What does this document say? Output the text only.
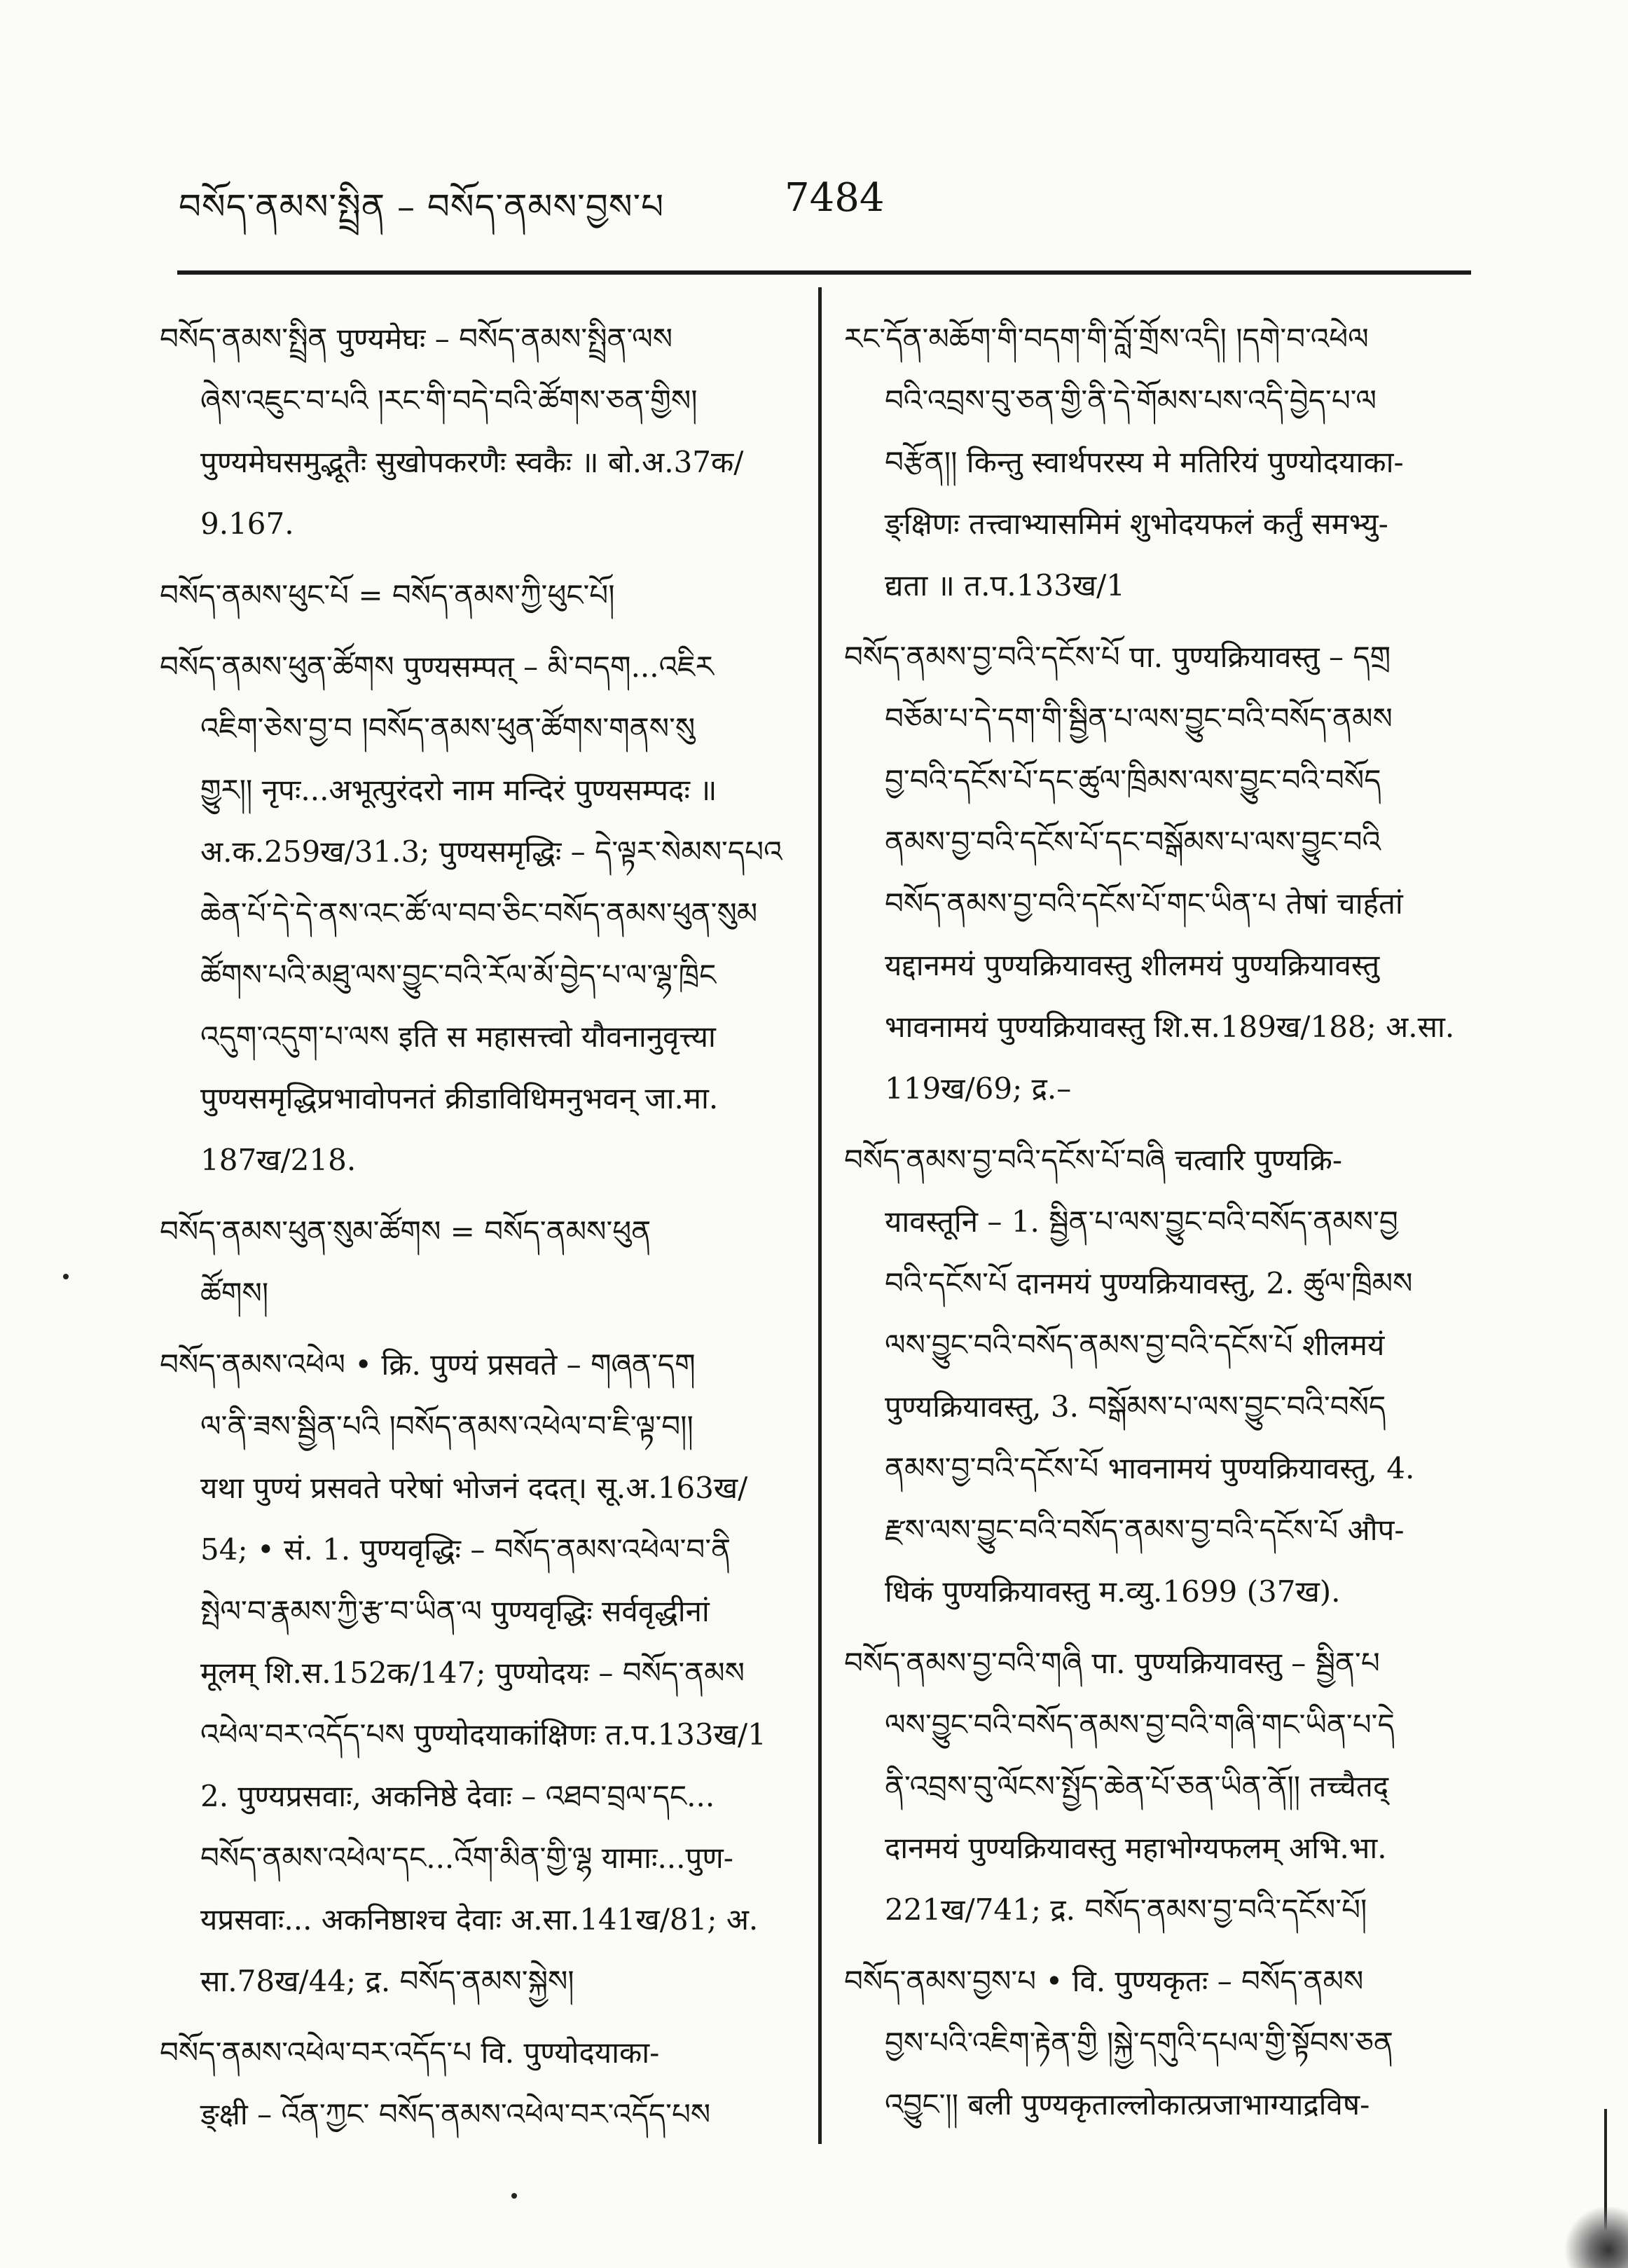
བསོད་ནམས་སྤྲིན – བསོད་ནམས་བྱས་པ	7484
བསོད་ནམས་སྤྲིན पुण्यमेघः – བསོད་ནམས་སྤྲིན་ལས
ཞེས་འཇུང་བ་པའི །རང་གི་བདེ་བའི་ཚོགས་ཅན་གྱིས།
पुण्यमेघसमुद्भूतैः सुखोपकरणैः स्वकैः ॥ बो.अ.37क/
9.167.
བསོད་ནམས་ཕུང་པོ = བསོད་ནམས་ཀྱི་ཕུང་པོ།
བསོད་ནམས་ཕུན་ཚོགས पुण्यसम्पत् – མི་བདག...འཇིར
འཇིག་ཅེས་བྱ་བ །བསོད་ནམས་ཕུན་ཚོགས་གནས་སུ
གྱུར།། नृपः...अभूत्पुरंदरो नाम मन्दिरं पुण्यसम्पदः ॥
अ.क.259ख/31.3; पुण्यसमृद्धिः – དེ་ལྟར་སེམས་དཔའ
ཆེན་པོ་དེ་དེ་ནས་འང་ཚོ་ལ་བབ་ཅིང་བསོད་ནམས་ཕུན་སུམ
ཚོགས་པའི་མཐུ་ལས་བྱུང་བའི་རོལ་མོ་བྱེད་པ་ལ་ལྷ་ཁྲིང
འདུག་འདུག་པ་ལས इति स महासत्त्वो यौवनानुवृत्त्या
पुण्यसमृद्धिप्रभावोपनतं क्रीडाविधिमनुभवन् जा.मा.
187ख/218.
བསོད་ནམས་ཕུན་སུམ་ཚོགས = བསོད་ནམས་ཕུན
ཚོགས།
བསོད་ནམས་འཕེལ • क्रि. पुण्यं प्रसवते – གཞན་དག
ལ་ནི་ཟས་སྦྱིན་པའི །བསོད་ནམས་འཕེལ་བ་ཇི་ལྟ་བ།།
यथा पुण्यं प्रसवते परेषां भोजनं ददत्। सू.अ.163ख/
54; • सं. 1. पुण्यवृद्धिः – བསོད་ནམས་འཕེལ་བ་ནི
སྤེལ་བ་རྣམས་ཀྱི་རྩ་བ་ཡིན་ལ पुण्यवृद्धिः सर्ववृद्धीनां
मूलम् शि.स.152क/147; पुण्योदयः – བསོད་ནམས
འཕེལ་བར་འདོད་པས पुण्योदयाकांक्षिणः त.प.133ख/1
2. पुण्यप्रसवाः, अकनिष्ठे देवाः – འཐབ་བྲལ་དང...
བསོད་ནམས་འཕེལ་དང...འོག་མིན་གྱི་ལྷ यामाः...पुण-
यप्रसवाः... अकनिष्ठाश्च देवाः अ.सा.141ख/81; अ.
सा.78ख/44; द्र. བསོད་ནམས་སྐྱེས།
བསོད་ནམས་འཕེལ་བར་འདོད་པ वि. पुण्योदयाका-
ङ्क्षी – འོན་ཀྱང་ བསོད་ནམས་འཕེལ་བར་འདོད་པས
རང་དོན་མཆོག་གི་བདག་གི་བློ་གྲོས་འདི། །དགེ་བ་འཕེལ
བའི་འབྲས་བུ་ཅན་གྱི་ནི་དེ་གོམས་པས་འདི་བྱེད་པ་ལ
བརྩོན།། किन्तु स्वार्थपरस्य मे मतिरियं पुण्योदयाका-
ङ्क्षिणः तत्त्वाभ्यासमिमं शुभोदयफलं कर्तुं समभ्यु-
द्यता ॥ त.प.133ख/1
བསོད་ནམས་བྱ་བའི་དངོས་པོ पा. पुण्यक्रियावस्तु – དགྲ
བཅོམ་པ་དེ་དག་གི་སྦྱིན་པ་ལས་བྱུང་བའི་བསོད་ནམས
བྱ་བའི་དངོས་པོ་དང་ཚུལ་ཁྲིམས་ལས་བྱུང་བའི་བསོད
ནམས་བྱ་བའི་དངོས་པོ་དང་བསྒོམས་པ་ལས་བྱུང་བའི
བསོད་ནམས་བྱ་བའི་དངོས་པོ་གང་ཡིན་པ तेषां चार्हतां
यद्दानमयं पुण्यक्रियावस्तु शीलमयं पुण्यक्रियावस्तु
भावनामयं पुण्यक्रियावस्तु शि.स.189ख/188; अ.सा.
119ख/69; द्र.–
བསོད་ནམས་བྱ་བའི་དངོས་པོ་བཞི चत्वारि पुण्यक्रि-
यावस्तूनि – 1. སྦྱིན་པ་ལས་བྱུང་བའི་བསོད་ནམས་བྱ
བའི་དངོས་པོ दानमयं पुण्यक्रियावस्तु, 2. ཚུལ་ཁྲིམས
ལས་བྱུང་བའི་བསོད་ནམས་བྱ་བའི་དངོས་པོ शीलमयं
पुण्यक्रियावस्तु, 3. བསྒོམས་པ་ལས་བྱུང་བའི་བསོད
ནམས་བྱ་བའི་དངོས་པོ भावनामयं पुण्यक्रियावस्तु, 4.
རྫས་ལས་བྱུང་བའི་བསོད་ནམས་བྱ་བའི་དངོས་པོ औप-
धिकं पुण्यक्रियावस्तु म.व्यु.1699 (37ख).
བསོད་ནམས་བྱ་བའི་གཞི पा. पुण्यक्रियावस्तु – སྦྱིན་པ
ལས་བྱུང་བའི་བསོད་ནམས་བྱ་བའི་གཞི་གང་ཡིན་པ་དེ
ནི་འབྲས་བུ་ལོངས་སྤྱོད་ཆེན་པོ་ཅན་ཡིན་ནོ།། तच्चैतद्
दानमयं पुण्यक्रियावस्तु महाभोग्यफलम् अभि.भा.
221ख/741; द्र. བསོད་ནམས་བྱ་བའི་དངོས་པོ།
བསོད་ནམས་བྱས་པ • वि. पुण्यकृतः – བསོད་ནམས
བྱས་པའི་འཇིག་རྟེན་གྱི །སྐྱེ་དགུའི་དཔལ་གྱི་སྟོབས་ཅན
འབྱུང་།། बली पुण्यकृताल्लोकात्प्रजाभाग्याद्रविष-
